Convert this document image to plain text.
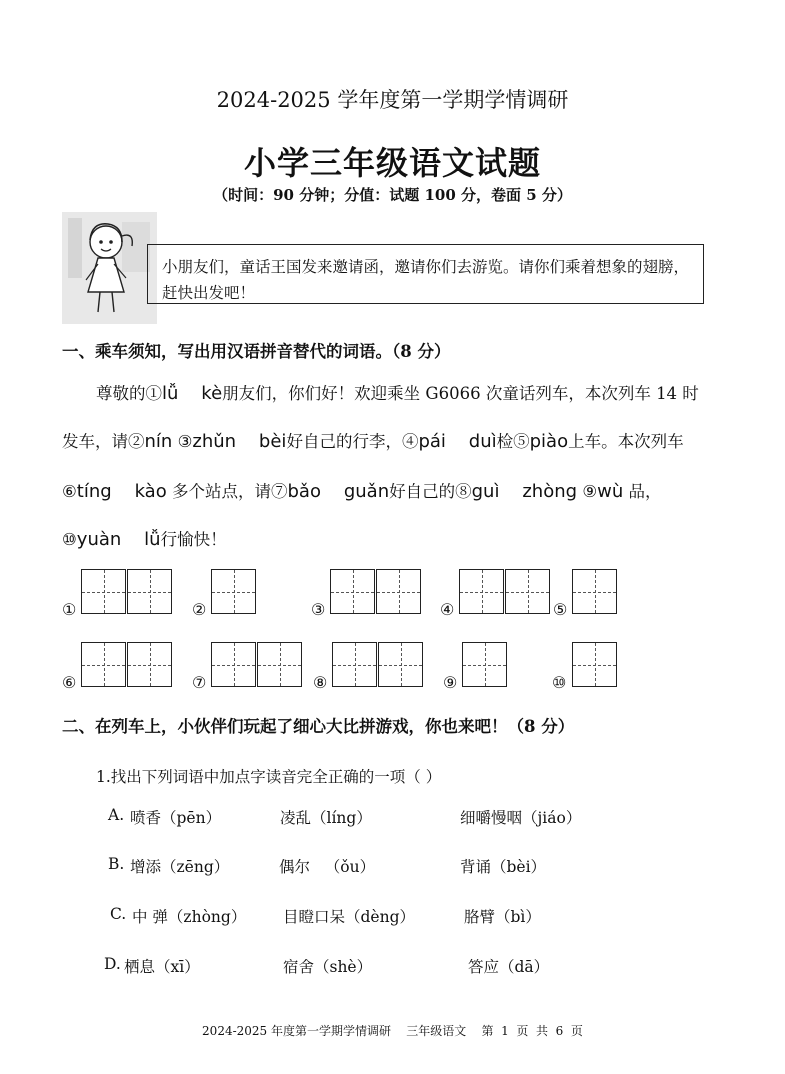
2024-2025 学年度第一学期学情调研
小学三年级语文试题
（时间：90 分钟；分值：试题 100 分，卷面 5 分）
小朋友们，童话王国发来邀请函，邀请你们去游览。请你们乘着想象的翅膀，赶快出发吧！
一、乘车须知，写出用汉语拼音替代的词语。（8 分）
尊敬的①lǚ    kè朋友们，你们好！欢迎乘坐 G6066 次童话列车，本次列车 14 时
发车，请②nín ③zhǔn    bèi好自己的行李，④pái    duì检⑤piào上车。本次列车
⑥tíng    kào 多个站点，请⑦bǎo    guǎn好自己的⑧guì    zhòng ⑨wù 品，
⑩yuàn    lǚ行愉快！
①	②	③	④	⑤
⑥	⑦	⑧	⑨	⑩
二、在列车上，小伙伴们玩起了细心大比拼游戏，你也来吧！（8 分）
1.找出下列词语中加点字读音完全正确的一项（ ）
A. 喷香（pēn）	凌乱（líng）	细嚼慢咽（jiáo）
B. 增添（zēng）	偶尔   （ǒu）	背诵（bèi）
C. 中 弹（zhòng） 目瞪口呆（dèng）	胳臂（bì）
D. 栖息（xī）	宿舍（shè）	答应（dā）
2024-2025 年度第一学期学情调研    三年级语文    第  1  页  共  6  页
